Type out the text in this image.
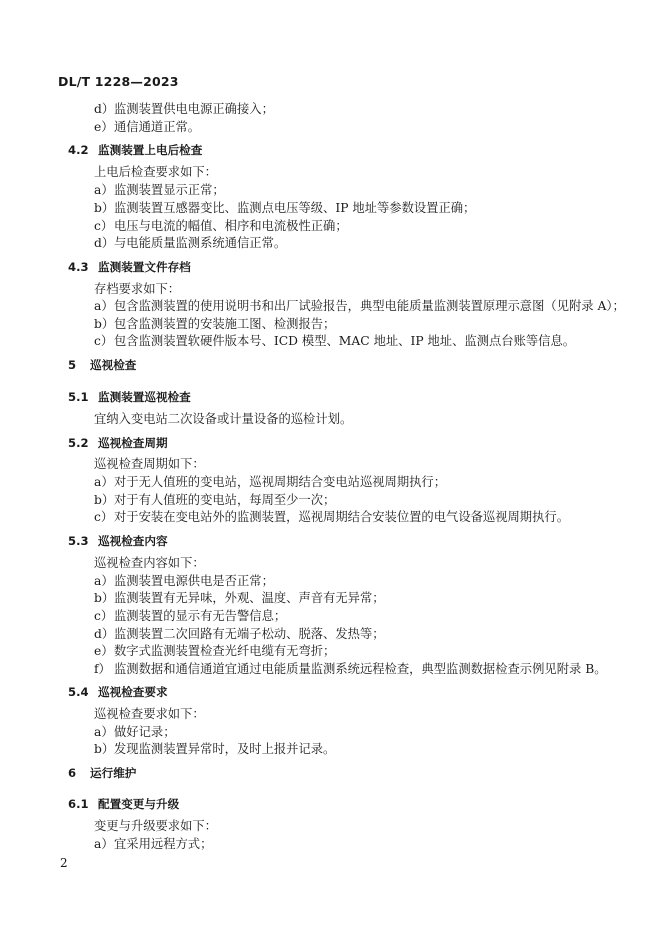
DL/T 1228—2023
d）监测装置供电电源正确接入；
e）通信通道正常。
4.2 监测装置上电后检查
上电后检查要求如下：
a）监测装置显示正常；
b）监测装置互感器变比、监测点电压等级、IP 地址等参数设置正确；
c）电压与电流的幅值、相序和电流极性正确；
d）与电能质量监测系统通信正常。
4.3 监测装置文件存档
存档要求如下：
a）包含监测装置的使用说明书和出厂试验报告，典型电能质量监测装置原理示意图（见附录 A）；
b）包含监测装置的安装施工图、检测报告；
c）包含监测装置软硬件版本号、ICD 模型、MAC 地址、IP 地址、监测点台账等信息。
5 巡视检查
5.1 监测装置巡视检查
宜纳入变电站二次设备或计量设备的巡检计划。
5.2 巡视检查周期
巡视检查周期如下：
a）对于无人值班的变电站，巡视周期结合变电站巡视周期执行；
b）对于有人值班的变电站，每周至少一次；
c）对于安装在变电站外的监测装置，巡视周期结合安装位置的电气设备巡视周期执行。
5.3 巡视检查内容
巡视检查内容如下：
a）监测装置电源供电是否正常；
b）监测装置有无异味，外观、温度、声音有无异常；
c）监测装置的显示有无告警信息；
d）监测装置二次回路有无端子松动、脱落、发热等；
e）数字式监测装置检查光纤电缆有无弯折；
f） 监测数据和通信通道宜通过电能质量监测系统远程检查，典型监测数据检查示例见附录 B。
5.4 巡视检查要求
巡视检查要求如下：
a）做好记录；
b）发现监测装置异常时，及时上报并记录。
6 运行维护
6.1 配置变更与升级
变更与升级要求如下：
a）宜采用远程方式；
2
